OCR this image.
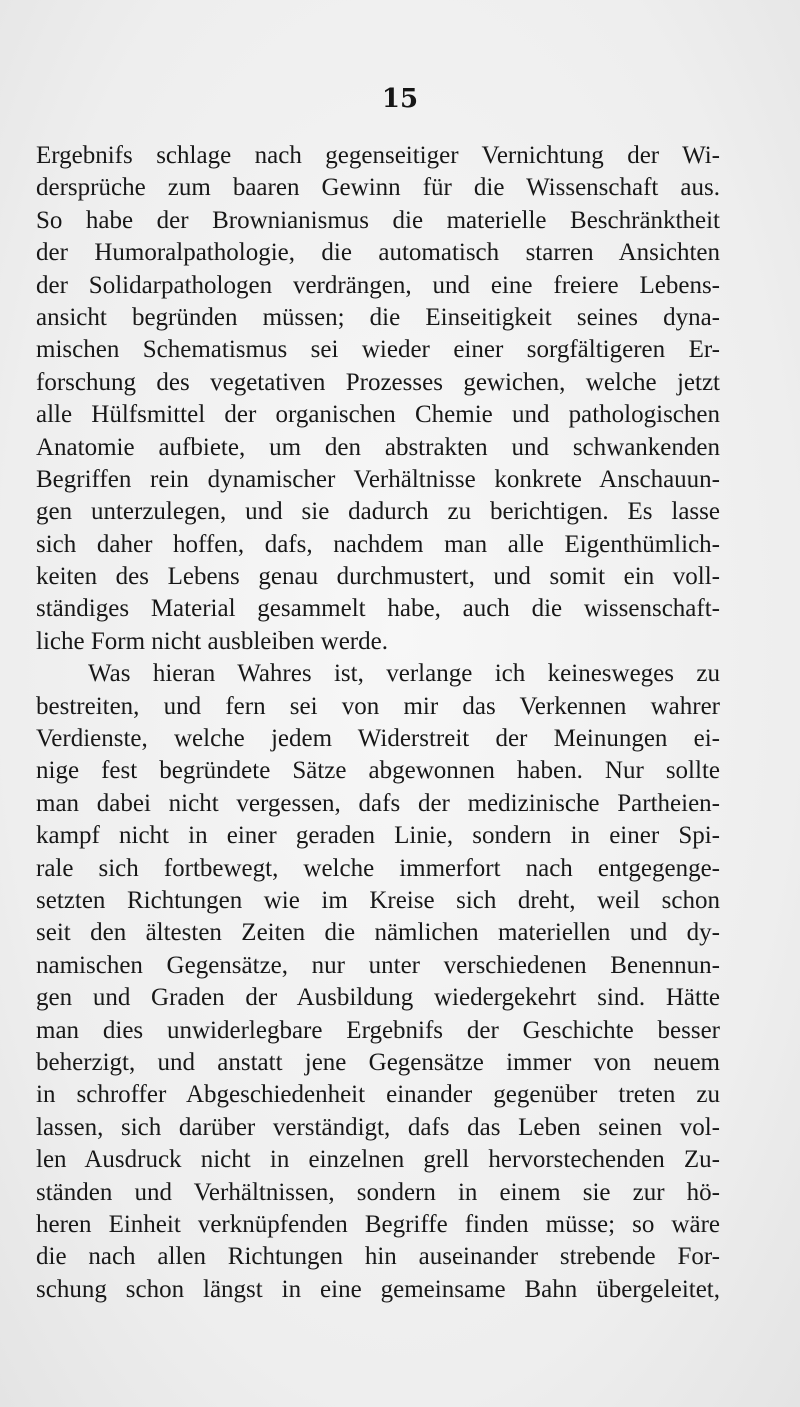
15
Ergebnifs schlage nach gegenseitiger Vernichtung der Wi-
dersprüche zum baaren Gewinn für die Wissenschaft aus.
So habe der Brownianismus die materielle Beschränktheit
der Humoralpathologie, die automatisch starren Ansichten
der Solidarpathologen verdrängen, und eine freiere Lebens-
ansicht begründen müssen; die Einseitigkeit seines dyna-
mischen Schematismus sei wieder einer sorgfältigeren Er-
forschung des vegetativen Prozesses gewichen, welche jetzt
alle Hülfsmittel der organischen Chemie und pathologischen
Anatomie aufbiete, um den abstrakten und schwankenden
Begriffen rein dynamischer Verhältnisse konkrete Anschauun-
gen unterzulegen, und sie dadurch zu berichtigen. Es lasse
sich daher hoffen, dafs, nachdem man alle Eigenthümlich-
keiten des Lebens genau durchmustert, und somit ein voll-
ständiges Material gesammelt habe, auch die wissenschaft-
liche Form nicht ausbleiben werde.
Was hieran Wahres ist, verlange ich keinesweges zu
bestreiten, und fern sei von mir das Verkennen wahrer
Verdienste, welche jedem Widerstreit der Meinungen ei-
nige fest begründete Sätze abgewonnen haben. Nur sollte
man dabei nicht vergessen, dafs der medizinische Partheien-
kampf nicht in einer geraden Linie, sondern in einer Spi-
rale sich fortbewegt, welche immerfort nach entgegenge-
setzten Richtungen wie im Kreise sich dreht, weil schon
seit den ältesten Zeiten die nämlichen materiellen und dy-
namischen Gegensätze, nur unter verschiedenen Benennun-
gen und Graden der Ausbildung wiedergekehrt sind. Hätte
man dies unwiderlegbare Ergebnifs der Geschichte besser
beherzigt, und anstatt jene Gegensätze immer von neuem
in schroffer Abgeschiedenheit einander gegenüber treten zu
lassen, sich darüber verständigt, dafs das Leben seinen vol-
len Ausdruck nicht in einzelnen grell hervorstechenden Zu-
ständen und Verhältnissen, sondern in einem sie zur hö-
heren Einheit verknüpfenden Begriffe finden müsse; so wäre
die nach allen Richtungen hin auseinander strebende For-
schung schon längst in eine gemeinsame Bahn übergeleitet,
